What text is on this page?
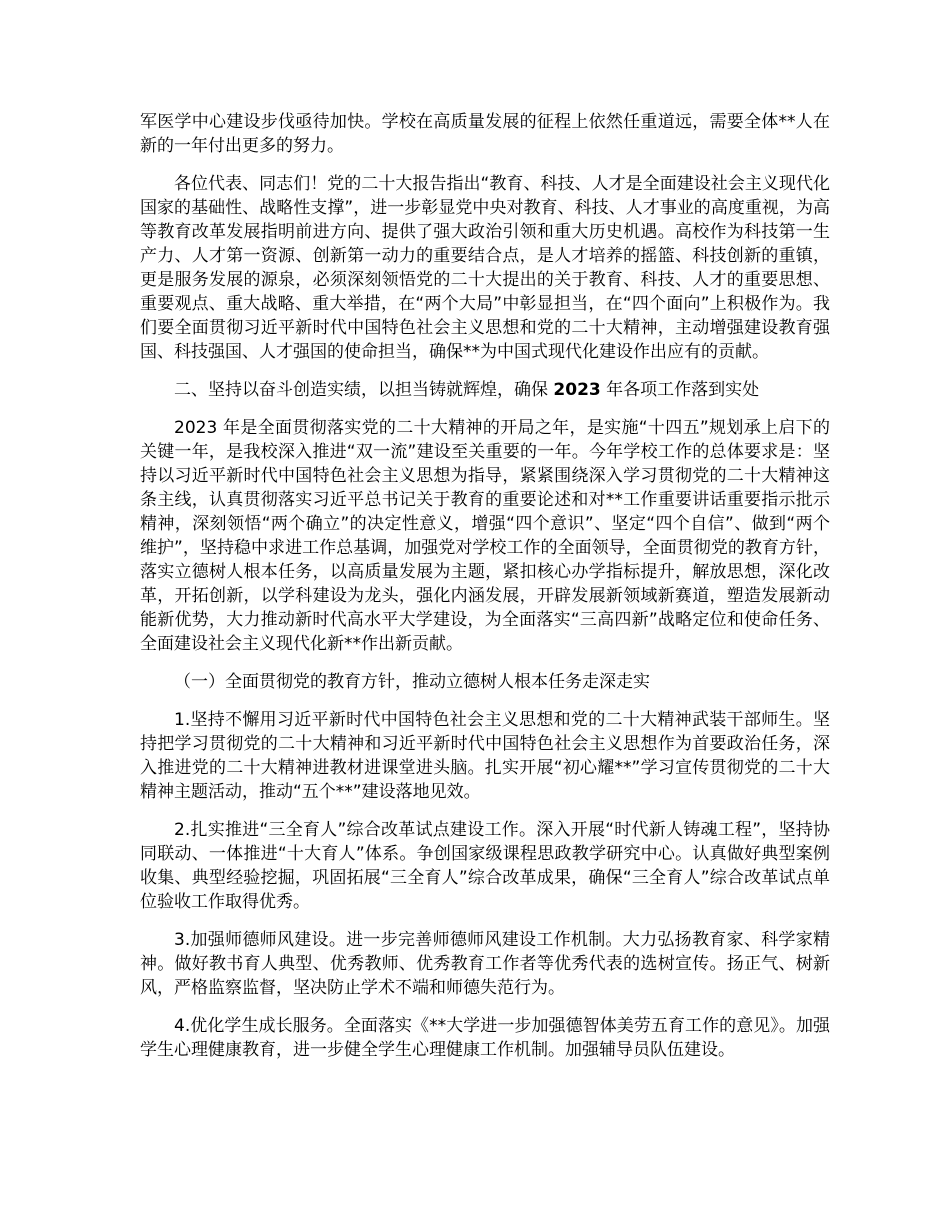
军医学中心建设步伐亟待加快。学校在高质量发展的征程上依然任重道远，需要全体**人在新的一年付出更多的努力。

各位代表、同志们！党的二十大报告指出“教育、科技、人才是全面建设社会主义现代化国家的基础性、战略性支撑”，进一步彰显党中央对教育、科技、人才事业的高度重视，为高等教育改革发展指明前进方向、提供了强大政治引领和重大历史机遇。高校作为科技第一生产力、人才第一资源、创新第一动力的重要结合点，是人才培养的摇篮、科技创新的重镇，更是服务发展的源泉，必须深刻领悟党的二十大提出的关于教育、科技、人才的重要思想、重要观点、重大战略、重大举措，在“两个大局”中彰显担当，在“四个面向”上积极作为。我们要全面贯彻习近平新时代中国特色社会主义思想和党的二十大精神，主动增强建设教育强国、科技强国、人才强国的使命担当，确保**为中国式现代化建设作出应有的贡献。

二、坚持以奋斗创造实绩，以担当铸就辉煌，确保 2023 年各项工作落到实处

2023 年是全面贯彻落实党的二十大精神的开局之年，是实施“十四五”规划承上启下的关键一年，是我校深入推进“双一流”建设至关重要的一年。今年学校工作的总体要求是：坚持以习近平新时代中国特色社会主义思想为指导，紧紧围绕深入学习贯彻党的二十大精神这条主线，认真贯彻落实习近平总书记关于教育的重要论述和对**工作重要讲话重要指示批示精神，深刻领悟“两个确立”的决定性意义，增强“四个意识”、坚定“四个自信”、做到“两个维护”，坚持稳中求进工作总基调，加强党对学校工作的全面领导，全面贯彻党的教育方针，落实立德树人根本任务，以高质量发展为主题，紧扣核心办学指标提升，解放思想，深化改革，开拓创新，以学科建设为龙头，强化内涵发展，开辟发展新领域新赛道，塑造发展新动能新优势，大力推动新时代高水平大学建设，为全面落实“三高四新”战略定位和使命任务、全面建设社会主义现代化新**作出新贡献。

（一）全面贯彻党的教育方针，推动立德树人根本任务走深走实

1.坚持不懈用习近平新时代中国特色社会主义思想和党的二十大精神武装干部师生。坚持把学习贯彻党的二十大精神和习近平新时代中国特色社会主义思想作为首要政治任务，深入推进党的二十大精神进教材进课堂进头脑。扎实开展“初心耀**”学习宣传贯彻党的二十大精神主题活动，推动“五个**”建设落地见效。

2.扎实推进“三全育人”综合改革试点建设工作。深入开展“时代新人铸魂工程”，坚持协同联动、一体推进“十大育人”体系。争创国家级课程思政教学研究中心。认真做好典型案例收集、典型经验挖掘，巩固拓展“三全育人”综合改革成果，确保“三全育人”综合改革试点单位验收工作取得优秀。

3.加强师德师风建设。进一步完善师德师风建设工作机制。大力弘扬教育家、科学家精神。做好教书育人典型、优秀教师、优秀教育工作者等优秀代表的选树宣传。扬正气、树新风，严格监察监督，坚决防止学术不端和师德失范行为。

4.优化学生成长服务。全面落实《**大学进一步加强德智体美劳五育工作的意见》。加强学生心理健康教育，进一步健全学生心理健康工作机制。加强辅导员队伍建设。
